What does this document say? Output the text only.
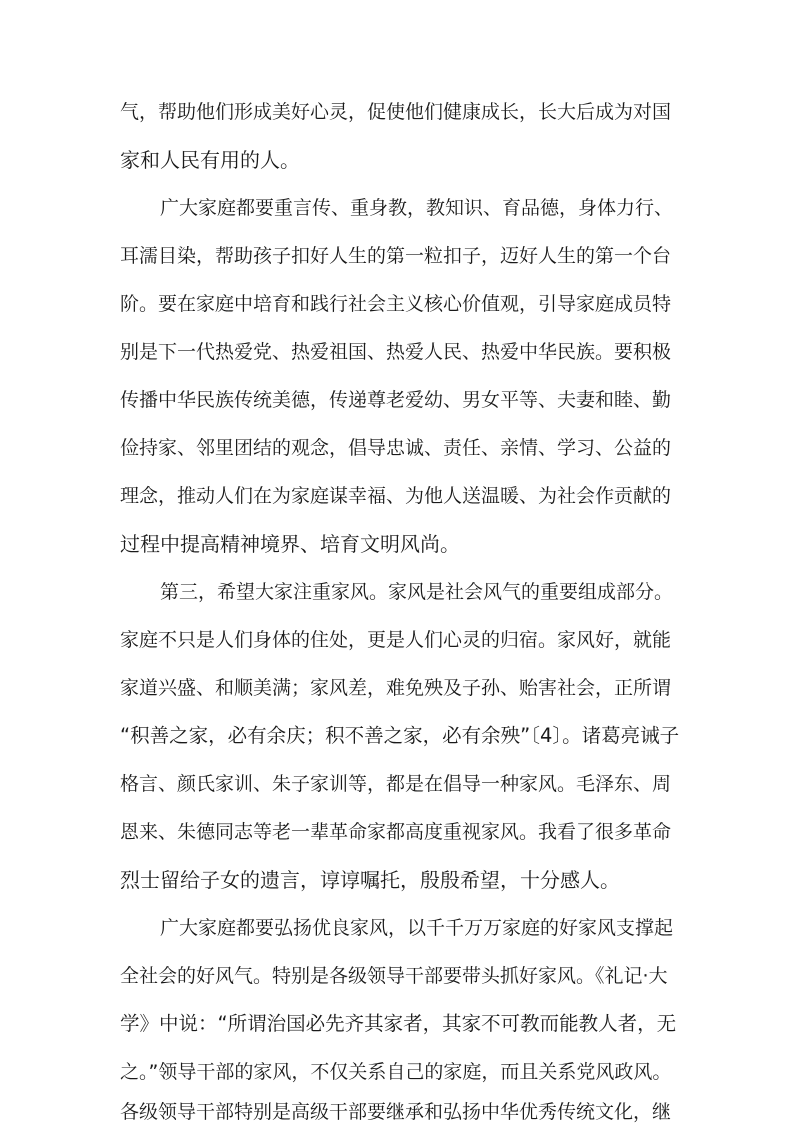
气，帮助他们形成美好心灵，促使他们健康成长，长大后成为对国

家和人民有用的人。

广大家庭都要重言传、重身教，教知识、育品德，身体力行、

耳濡目染，帮助孩子扣好人生的第一粒扣子，迈好人生的第一个台

阶。要在家庭中培育和践行社会主义核心价值观，引导家庭成员特

别是下一代热爱党、热爱祖国、热爱人民、热爱中华民族。要积极

传播中华民族传统美德，传递尊老爱幼、男女平等、夫妻和睦、勤

俭持家、邻里团结的观念，倡导忠诚、责任、亲情、学习、公益的

理念，推动人们在为家庭谋幸福、为他人送温暖、为社会作贡献的

过程中提高精神境界、培育文明风尚。

第三，希望大家注重家风。家风是社会风气的重要组成部分。

家庭不只是人们身体的住处，更是人们心灵的归宿。家风好，就能

家道兴盛、和顺美满；家风差，难免殃及子孙、贻害社会，正所谓

“积善之家，必有余庆；积不善之家，必有余殃”〔4〕。诸葛亮诫子

格言、颜氏家训、朱子家训等，都是在倡导一种家风。毛泽东、周

恩来、朱德同志等老一辈革命家都高度重视家风。我看了很多革命

烈士留给子女的遗言，谆谆嘱托，殷殷希望，十分感人。

广大家庭都要弘扬优良家风，以千千万万家庭的好家风支撑起

全社会的好风气。特别是各级领导干部要带头抓好家风。《礼记·大

学》中说：“所谓治国必先齐其家者，其家不可教而能教人者，无

之。”领导干部的家风，不仅关系自己的家庭，而且关系党风政风。

各级领导干部特别是高级干部要继承和弘扬中华优秀传统文化，继
